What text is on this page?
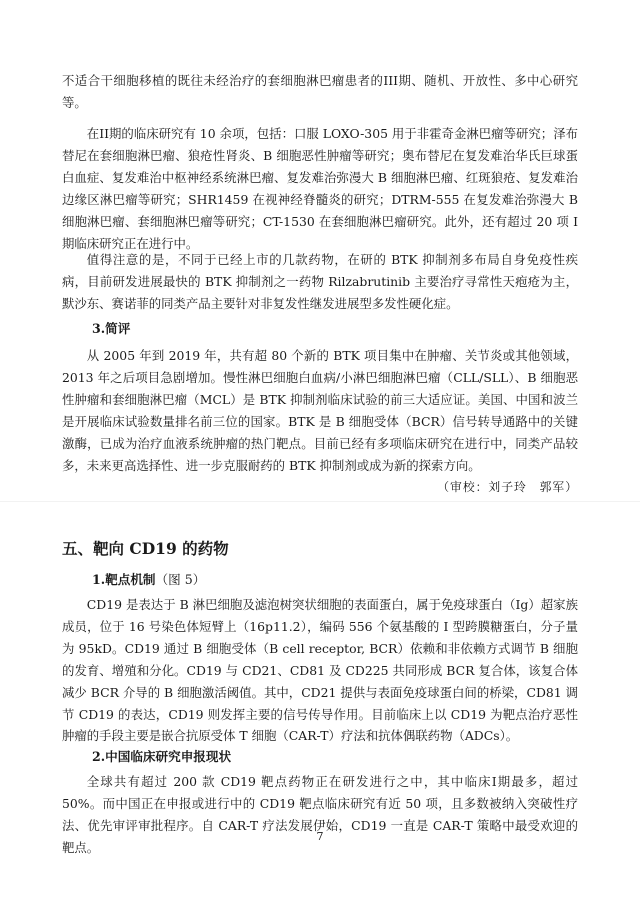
不适合干细胞移植的既往未经治疗的套细胞淋巴瘤患者的III期、随机、开放性、多中心研究等。

在II期的临床研究有 10 余项，包括：口服 LOXO-305 用于非霍奇金淋巴瘤等研究；泽布替尼在套细胞淋巴瘤、狼疮性肾炎、B 细胞恶性肿瘤等研究；奥布替尼在复发难治华氏巨球蛋白血症、复发难治中枢神经系统淋巴瘤、复发难治弥漫大 B 细胞淋巴瘤、红斑狼疮、复发难治边缘区淋巴瘤等研究；SHR1459 在视神经脊髓炎的研究；DTRM-555 在复发难治弥漫大 B 细胞淋巴瘤、套细胞淋巴瘤等研究；CT-1530 在套细胞淋巴瘤研究。此外，还有超过 20 项 I 期临床研究正在进行中。

值得注意的是，不同于已经上市的几款药物，在研的 BTK 抑制剂多布局自身免疫性疾病，目前研发进展最快的 BTK 抑制剂之一药物 Rilzabrutinib 主要治疗寻常性天疱疮为主，默沙东、赛诺菲的同类产品主要针对非复发性继发进展型多发性硬化症。

3.简评

从 2005 年到 2019 年，共有超 80 个新的 BTK 项目集中在肿瘤、关节炎或其他领域，2013 年之后项目急剧增加。慢性淋巴细胞白血病/小淋巴细胞淋巴瘤（CLL/SLL）、B 细胞恶性肿瘤和套细胞淋巴瘤（MCL）是 BTK 抑制剂临床试验的前三大适应证。美国、中国和波兰是开展临床试验数量排名前三位的国家。BTK 是 B 细胞受体（BCR）信号转导通路中的关键激酶，已成为治疗血液系统肿瘤的热门靶点。目前已经有多项临床研究在进行中，同类产品较多，未来更高选择性、进一步克服耐药的 BTK 抑制剂或成为新的探索方向。

（审校：刘子玲　郭军）

五、靶向 CD19 的药物

1.靶点机制（图 5）

CD19 是表达于 B 淋巴细胞及滤泡树突状细胞的表面蛋白，属于免疫球蛋白（Ig）超家族成员，位于 16 号染色体短臂上（16p11.2），编码 556 个氨基酸的 I 型跨膜糖蛋白，分子量为 95kD。CD19 通过 B 细胞受体（B cell receptor, BCR）依赖和非依赖方式调节 B 细胞的发育、增殖和分化。CD19 与 CD21、CD81 及 CD225 共同形成 BCR 复合体，该复合体减少 BCR 介导的 B 细胞激活阈值。其中，CD21 提供与表面免疫球蛋白间的桥梁，CD81 调节 CD19 的表达，CD19 则发挥主要的信号传导作用。目前临床上以 CD19 为靶点治疗恶性肿瘤的手段主要是嵌合抗原受体 T 细胞（CAR-T）疗法和抗体偶联药物（ADCs）。

2.中国临床研究申报现状

全球共有超过 200 款 CD19 靶点药物正在研发进行之中，其中临床I期最多，超过 50%。而中国正在申报或进行中的 CD19 靶点临床研究有近 50 项，且多数被纳入突破性疗法、优先审评审批程序。自 CAR-T 疗法发展伊始，CD19 一直是 CAR-T 策略中最受欢迎的靶点。

7
